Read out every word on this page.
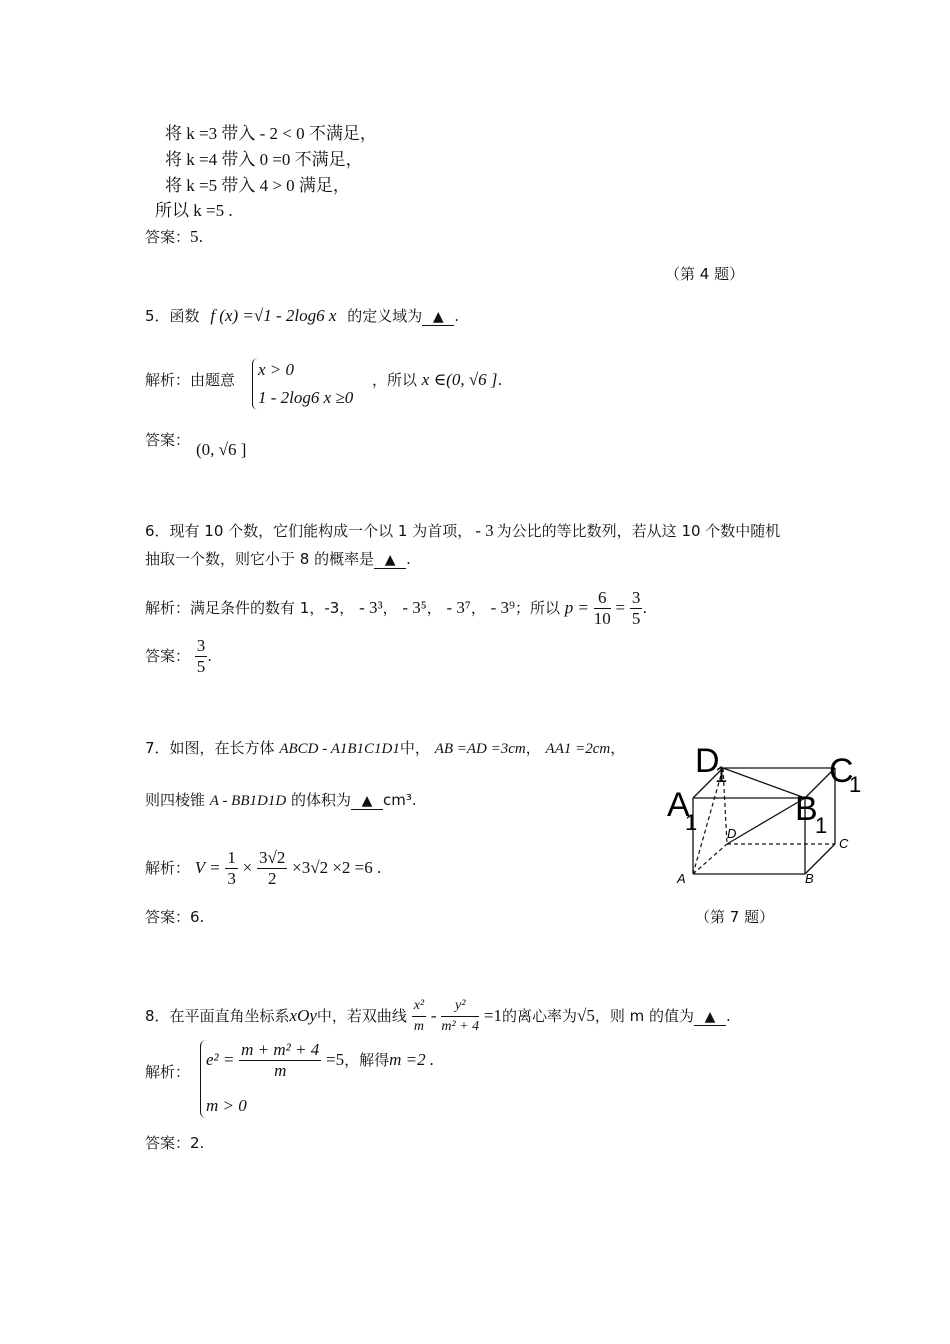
将 k =3 带入 - 2 < 0 不满足，
将 k =4 带入 0 =0 不满足，
将 k =5 带入 4 > 0 满足，
所以 k =5 .
答案：5.
（第 4 题）
5．函数 f (x) =√1 - 2log6 x 的定义域为 ▲ .
解析：由题意
x > 0
1 - 2log6 x ≥0
，所以 x ∈(0, √6 ].
答案： (0, √6 ]
6．现有 10 个数，它们能构成一个以 1 为首项， - 3 为公比的等比数列，若从这 10 个数中随机
抽取一个数，则它小于 8 的概率是 ▲ .
解析：满足条件的数有 1，-3， - 3³， - 3⁵， - 3⁷， - 3⁹；所以 $p = \frac{6}{10} = \frac{3}{5}$ .
答案： $\frac{3}{5}$ .
7．如图，在长方体 ABCD - A1B1C1D1中， AB =AD =3cm， AA1 =2cm，
则四棱锥 A - BB1D1D 的体积为 ▲ cm³.
解析： $V = \frac{1}{3} \times \frac{3√2}{2} \times 3√2 \times 2 =6$ .
答案：6.
D
1	C
1
A
1	B
1
D
C
A	B
（第 7 题）
8．在平面直角坐标系xOy中，若双曲线 $\frac{\text{x²}}{m} - \frac{\text{y²}}{\text{m² + 4}} =1$的离心率为√5，则 m 的值为 ▲ .
解析：
$e^2 = \frac{\text{m + m² + 4}}{m} =5$，解得m =2 .
m > 0
答案：2.
